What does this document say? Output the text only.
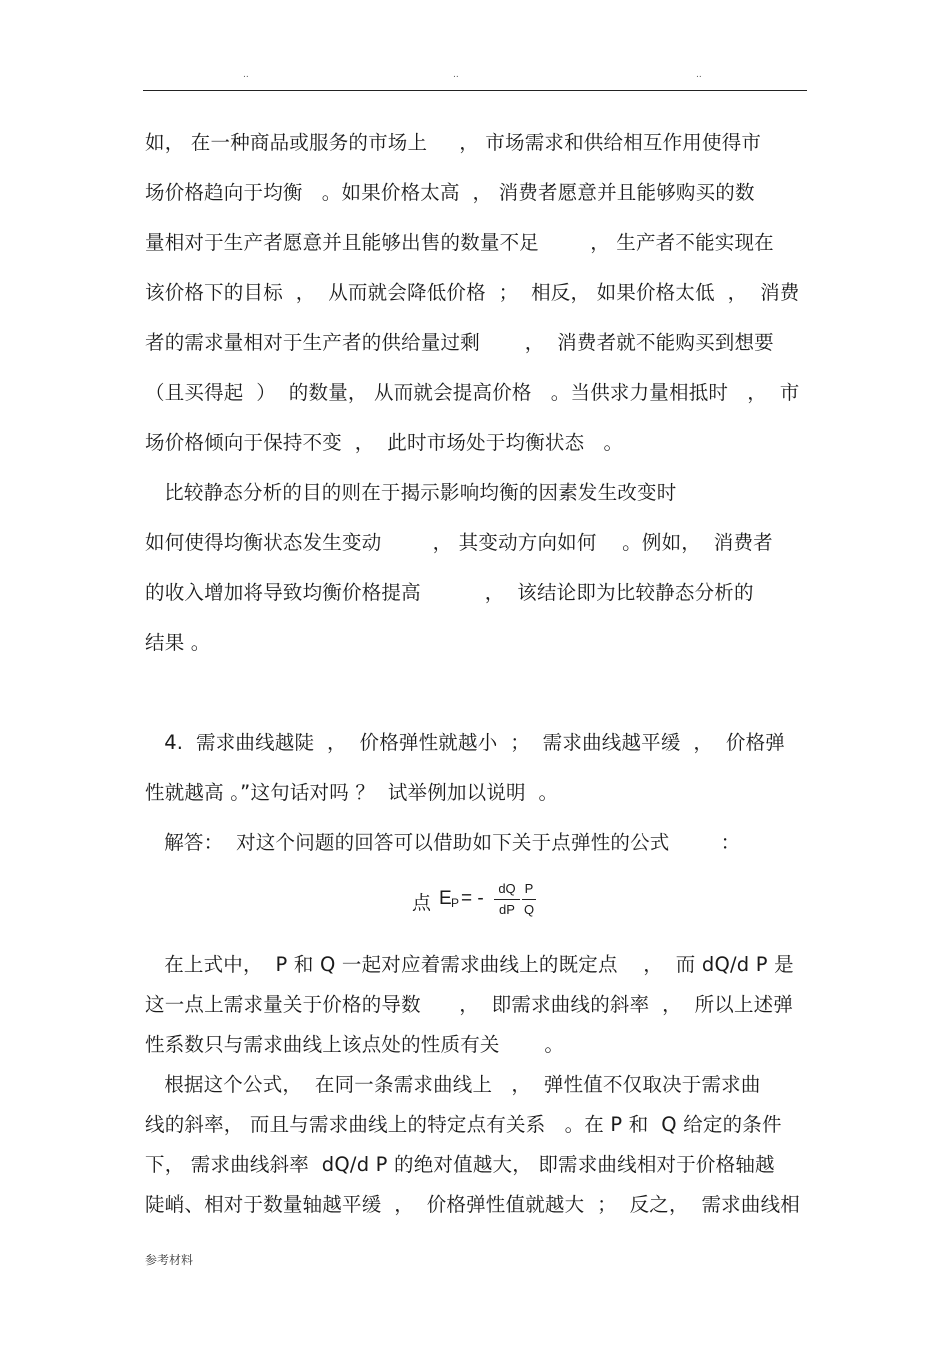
..	..	..
如， 在一种商品或服务的市场上     ， 市场需求和供给相互作用使得市
场价格趋向于均衡   。如果价格太高  ， 消费者愿意并且能够购买的数
量相对于生产者愿意并且能够出售的数量不足        ， 生产者不能实现在
该价格下的目标  ，  从而就会降低价格  ；  相反， 如果价格太低  ，  消费
者的需求量相对于生产者的供给量过剩       ，  消费者就不能购买到想要
（且买得起  ）  的数量， 从而就会提高价格   。当供求力量相抵时   ，  市
场价格倾向于保持不变  ，  此时市场处于均衡状态   。
比较静态分析的目的则在于揭示影响均衡的因素发生改变时
如何使得均衡状态发生变动        ， 其变动方向如何    。例如，  消费者
的收入增加将导致均衡价格提高          ，  该结论即为比较静态分析的
结果 。
4.  需求曲线越陡  ，  价格弹性就越小  ；  需求曲线越平缓  ，  价格弹
性就越高 。”这句话对吗 ？  试举例加以说明  。
解答：  对这个问题的回答可以借助如下关于点弹性的公式        ：
点 E P = -	dQ
dP
P
Q
在上式中，  P 和 Q 一起对应着需求曲线上的既定点    ，  而 dQ/d P 是
这一点上需求量关于价格的导数      ，  即需求曲线的斜率  ，  所以上述弹
性系数只与需求曲线上该点处的性质有关       。
根据这个公式，  在同一条需求曲线上   ，  弹性值不仅取决于需求曲
线的斜率， 而且与需求曲线上的特定点有关系   。在 P 和  Q 给定的条件
下， 需求曲线斜率  dQ/d P 的绝对值越大， 即需求曲线相对于价格轴越
陡峭、相对于数量轴越平缓  ，  价格弹性值就越大  ；  反之，  需求曲线相
参考材料
